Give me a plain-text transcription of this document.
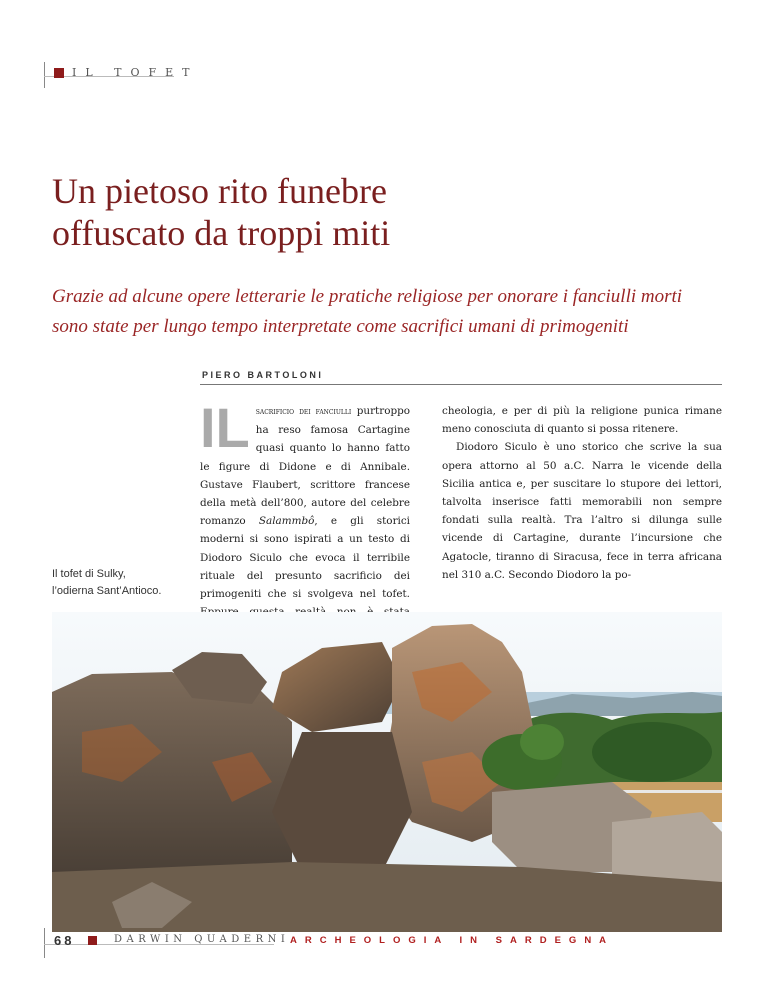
IL TOFET
Un pietoso rito funebre
offuscato da troppi miti
Grazie ad alcune opere letterarie le pratiche religiose per onorare i fanciulli morti
sono state per lungo tempo interpretate come sacrifici umani di primogeniti
PIERO BARTOLONI
Il tofet di Sulky,
l’odierna Sant’Antioco.
IL sacrificio dei fanciulli purtroppo ha reso famosa Cartagine quasi quanto lo hanno fatto le figure di Didone e di Annibale. Gustave Flaubert, scrittore francese della metà dell’800, autore del celebre romanzo Salammbô, e gli storici moderni si sono ispirati a un testo di Diodoro Siculo che evoca il terribile rituale del presunto sacrificio dei primogeniti che si svolgeva nel tofet.
cheologia, e per di più la religione punica rimane meno conosciuta di quanto si possa ritenere.
Diodoro Siculo è uno storico che scrive la sua opera attorno al 50 a.C. Narra le vicende della Sicilia antica e, per suscitare lo stupore dei lettori, talvolta inserisce fatti memorabili non sempre fondati sulla realtà. Tra l’altro si dilunga sulle vicende di Cartagine, durante l’incursione che Agatocle, tiranno di Siracusa, fece in terra africana nel 310 a.C. Secondo Diodoro la po-
68	DARWIN QUADERNI ARCHEOLOGIA IN SARDEGNA
